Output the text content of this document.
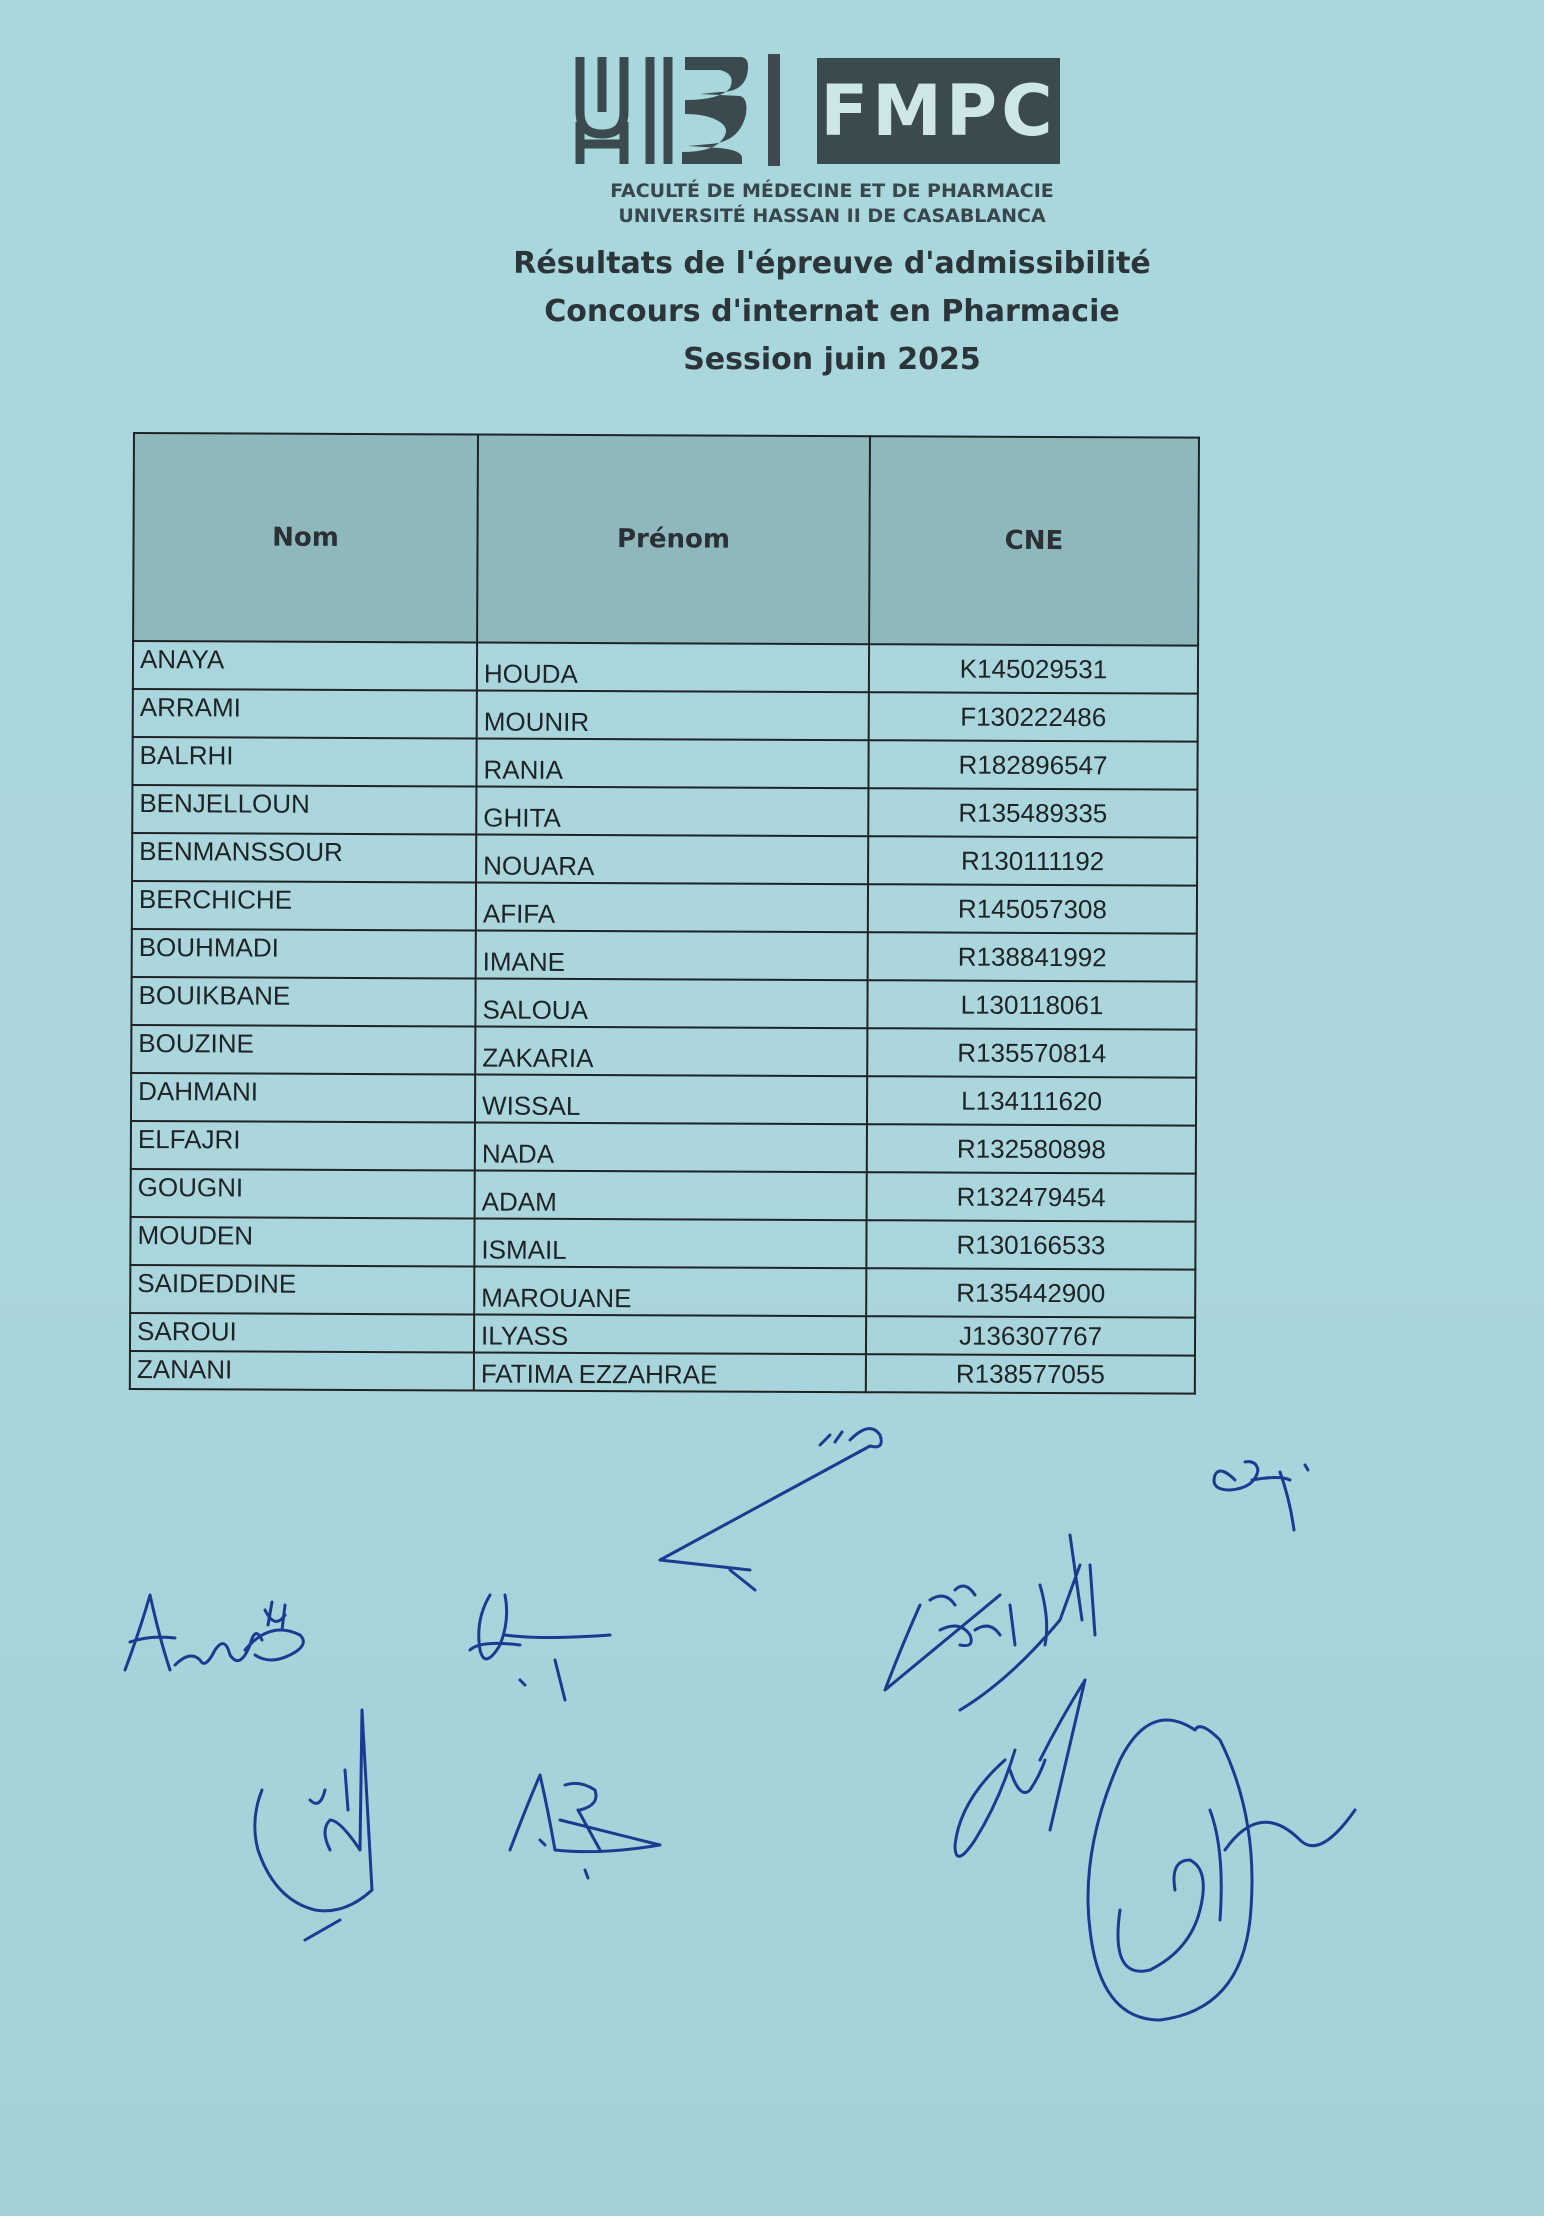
FMPC
FACULTÉ DE MÉDECINE ET DE PHARMACIE
UNIVERSITÉ HASSAN II DE CASABLANCA
Résultats de l'épreuve d'admissibilité
Concours d'internat en Pharmacie
Session juin 2025
Nom	Prénom	CNE
ANAYA	HOUDA	K145029531
ARRAMI	MOUNIR	F130222486
BALRHI	RANIA	R182896547
BENJELLOUN	GHITA	R135489335
BENMANSSOUR	NOUARA	R130111192
BERCHICHE	AFIFA	R145057308
BOUHMADI	IMANE	R138841992
BOUIKBANE	SALOUA	L130118061
BOUZINE	ZAKARIA	R135570814
DAHMANI	WISSAL	L134111620
ELFAJRI	NADA	R132580898
GOUGNI	ADAM	R132479454
MOUDEN	ISMAIL	R130166533
SAIDEDDINE	MAROUANE	R135442900
SAROUI	ILYASS	J136307767
ZANANI	FATIMA EZZAHRAE	R138577055
